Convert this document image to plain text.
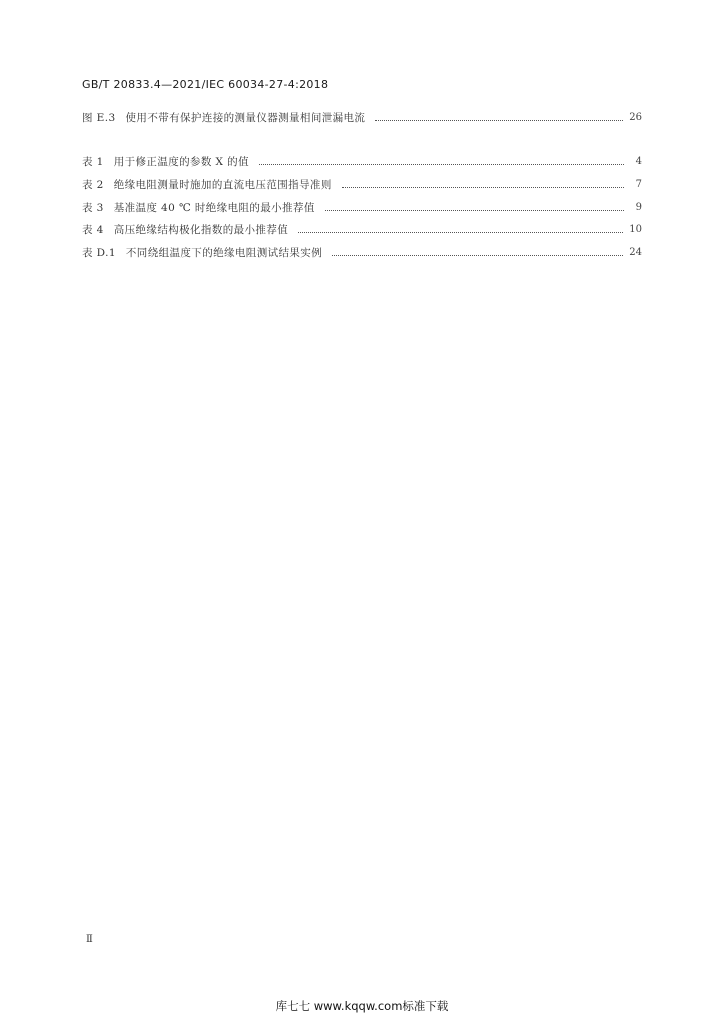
GB/T 20833.4—2021/IEC 60034-27-4:2018
图 E.3 使用不带有保护连接的测量仪器测量相间泄漏电流	26
表 1 用于修正温度的参数 X 的值	4
表 2 绝缘电阻测量时施加的直流电压范围指导准则	7
表 3 基准温度 40 ℃ 时绝缘电阻的最小推荐值	9
表 4 高压绝缘结构极化指数的最小推荐值	10
表 D.1 不同绕组温度下的绝缘电阻测试结果实例	24
Ⅱ
库七七 www.kqqw.com标准下载
